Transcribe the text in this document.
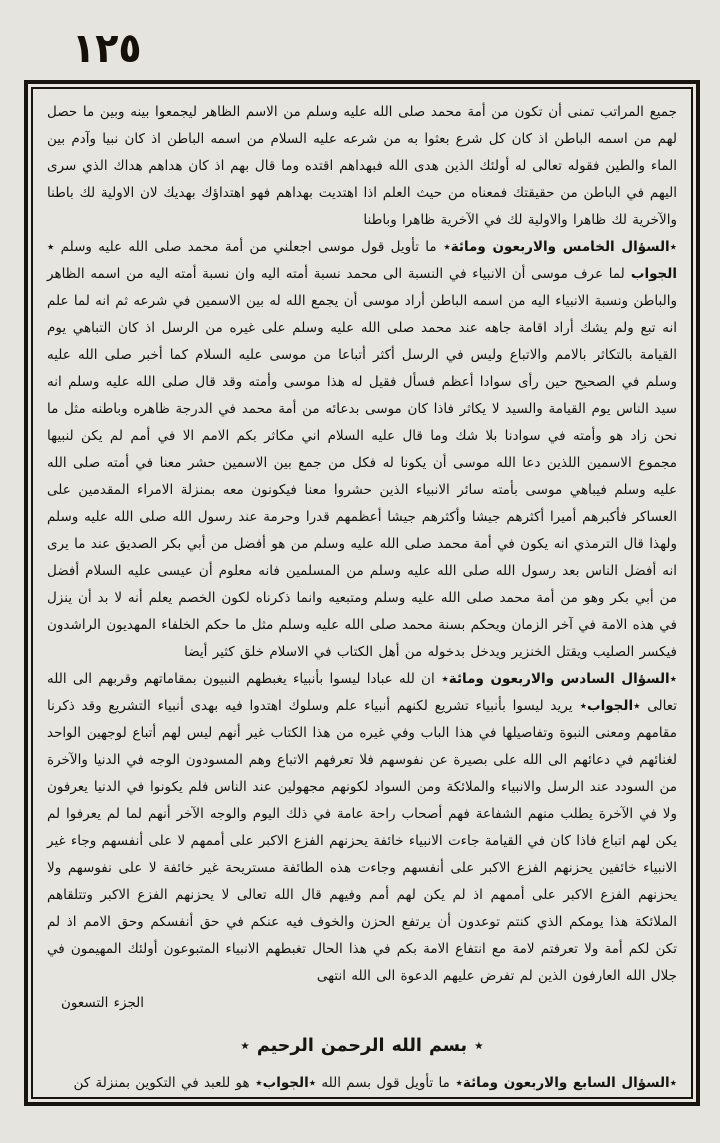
١٢٥

جميع المراتب تمنى أن تكون من أمة محمد صلى الله عليه وسلم من الاسم الظاهر ليجمعوا بينه وبين ما حصل لهم من اسمه الباطن اذ كان كل شرع بعثوا به من شرعه عليه السلام من اسمه الباطن اذ كان نبيا وآدم بين الماء والطين فقوله تعالى له أولئك الذين هدى الله فبهداهم اقتده وما قال بهم اذ كان هداهم هداك الذي سرى اليهم في الباطن من حقيقتك فمعناه من حيث العلم اذا اهتديت بهداهم فهو اهتداؤك بهديك لان الاولية لك باطنا والآخرية لك ظاهرا والاولية لك في الآخرية ظاهرا وباطنا

٭السؤال الخامس والاربعون ومائة٭ ما تأويل قول موسى اجعلني من أمة محمد صلى الله عليه وسلم ٭ الجواب لما عرف موسى أن الانبياء في النسبة الى محمد نسبة أمته اليه وان نسبة أمته اليه من اسمه الظاهر والباطن ونسبة الانبياء اليه من اسمه الباطن أراد موسى أن يجمع الله له بين الاسمين في شرعه ثم انه لما علم انه تبع ولم يشك أراد اقامة جاهه عند محمد صلى الله عليه وسلم على غيره من الرسل اذ كان التباهي يوم القيامة بالتكاثر بالامم والاتباع وليس في الرسل أكثر أتباعا من موسى عليه السلام كما أخبر صلى الله عليه وسلم في الصحيح حين رأى سوادا أعظم فسأل فقيل له هذا موسى وأمته وقد قال صلى الله عليه وسلم انه سيد الناس يوم القيامة والسيد لا يكاثر فاذا كان موسى بدعائه من أمة محمد في الدرجة ظاهره وباطنه مثل ما نحن زاد هو وأمته في سوادنا بلا شك وما قال عليه السلام اني مكاثر بكم الامم الا في أمم لم يكن لنبيها مجموع الاسمين اللذين دعا الله موسى أن يكونا له فكل من جمع بين الاسمين حشر معنا في أمته صلى الله عليه وسلم فيباهي موسى بأمته سائر الانبياء الذين حشروا معنا فيكونون معه بمنزلة الامراء المقدمين على العساكر فأكبرهم أميرا أكثرهم جيشا وأكثرهم جيشا أعظمهم قدرا وحرمة عند رسول الله صلى الله عليه وسلم ولهذا قال الترمذي انه يكون في أمة محمد صلى الله عليه وسلم من هو أفضل من أبي بكر الصديق عند ما يرى انه أفضل الناس بعد رسول الله صلى الله عليه وسلم من المسلمين فانه معلوم أن عيسى عليه السلام أفضل من أبي بكر وهو من أمة محمد صلى الله عليه وسلم ومتبعيه وانما ذكرناه لكون الخصم يعلم أنه لا بد أن ينزل في هذه الامة في آخر الزمان ويحكم بسنة محمد صلى الله عليه وسلم مثل ما حكم الخلفاء المهديون الراشدون فيكسر الصليب ويقتل الخنزير ويدخل بدخوله من أهل الكتاب في الاسلام خلق كثير أيضا

٭السؤال السادس والاربعون ومائة٭ ان لله عبادا ليسوا بأنبياء يغبطهم النبيون بمقاماتهم وقربهم الى الله تعالى ٭الجواب٭ يريد ليسوا بأنبياء تشريع لكنهم أنبياء علم وسلوك اهتدوا فيه بهدى أنبياء التشريع وقد ذكرنا مقامهم ومعنى النبوة وتفاصيلها في هذا الباب وفي غيره من هذا الكتاب غير أنهم ليس لهم أتباع لوجهين الواحد لغنائهم في دعائهم الى الله على بصيرة عن نفوسهم فلا تعرفهم الاتباع وهم المسودون الوجه في الدنيا والآخرة من السودد عند الرسل والانبياء والملائكة ومن السواد لكونهم مجهولين عند الناس فلم يكونوا في الدنيا يعرفون ولا في الآخرة يطلب منهم الشفاعة فهم أصحاب راحة عامة في ذلك اليوم والوجه الآخر أنهم لما لم يعرفوا لم يكن لهم اتباع فاذا كان في القيامة جاءت الانبياء خائفة يحزنهم الفزع الاكبر على أممهم لا على أنفسهم وجاء غير الانبياء خائفين يحزنهم الفزع الاكبر على أنفسهم وجاءت هذه الطائفة مستريحة غير خائفة لا على نفوسهم ولا يحزنهم الفزع الاكبر على أممهم اذ لم يكن لهم أمم وفيهم قال الله تعالى لا يحزنهم الفزع الاكبر وتتلقاهم الملائكة هذا يومكم الذي كنتم توعدون أن يرتفع الحزن والخوف فيه عنكم في حق أنفسكم وحق الامم اذ لم تكن لكم أمة ولا تعرفتم لامة مع انتفاع الامة بكم في هذا الحال تغبطهم الانبياء المتبوعون أولئك المهيمون في جلال الله العارفون الذين لم تفرض عليهم الدعوة الى الله انتهى

الجزء التسعون

٭ بسم الله الرحمن الرحيم ٭

٭السؤال السابع والاربعون ومائة٭ ما تأويل قول بسم الله ٭الجواب٭ هو للعبد في التكوين بمنزلة كن
